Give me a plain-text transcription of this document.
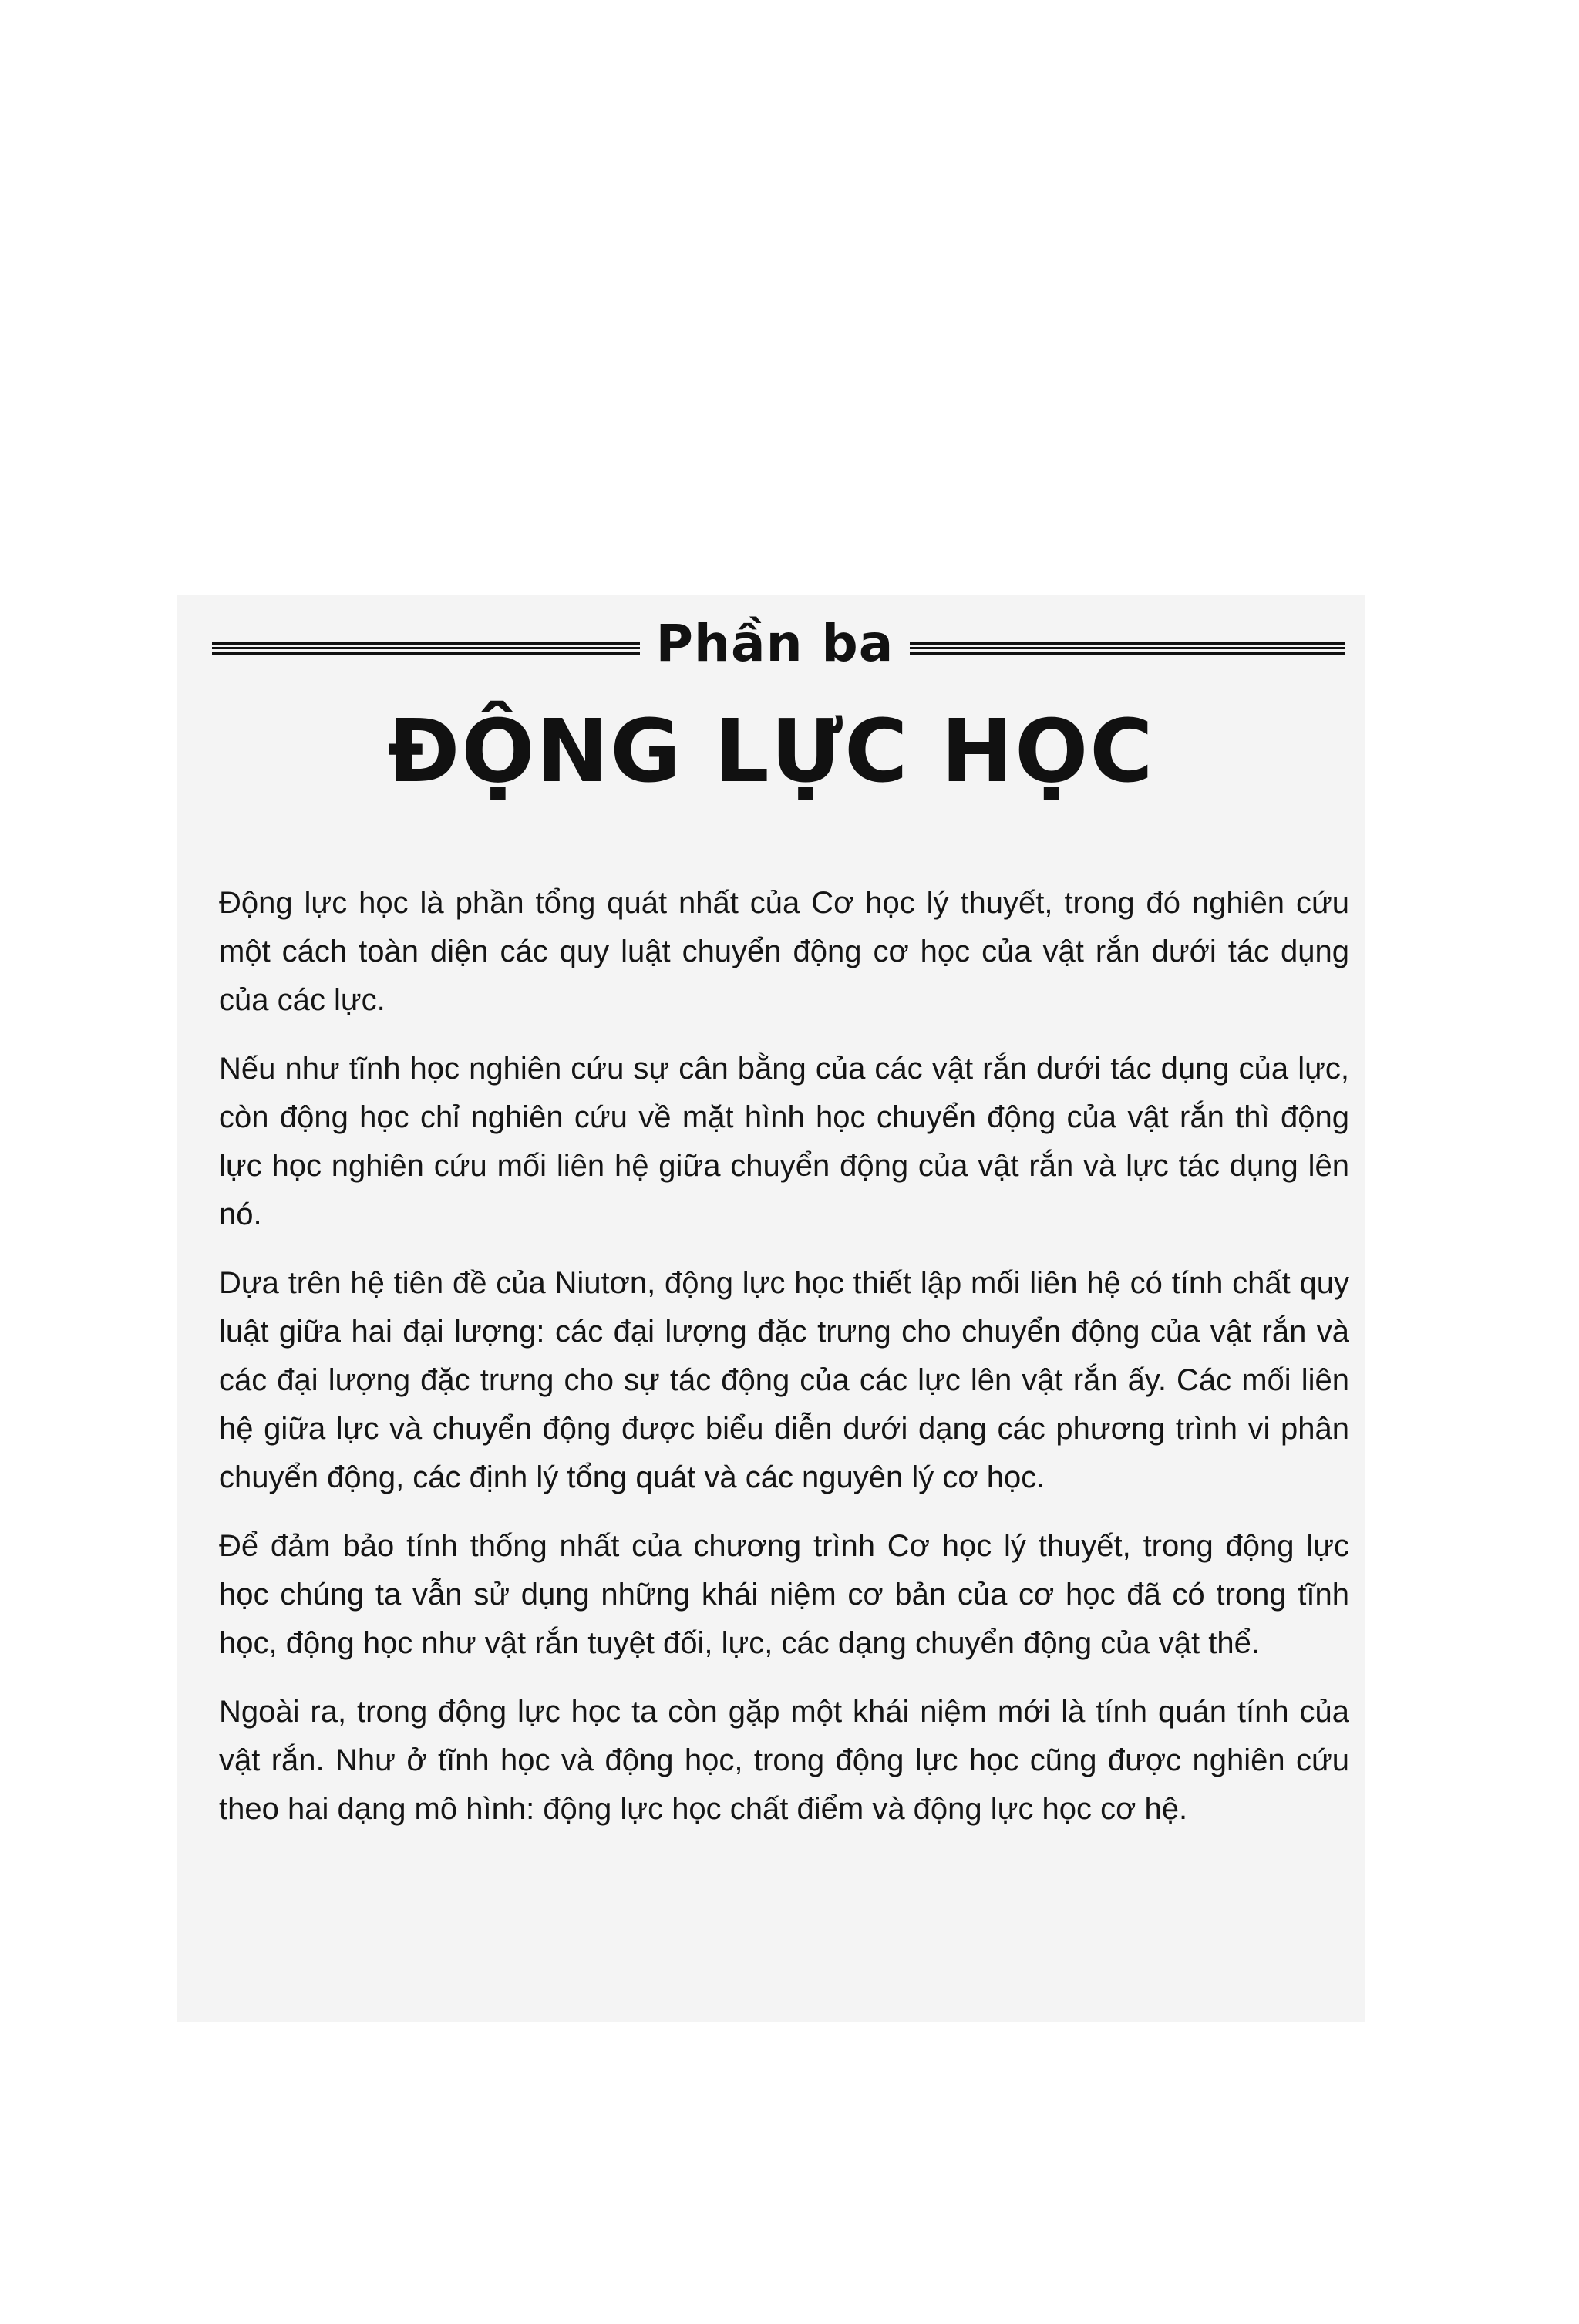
Phần ba
ĐỘNG LỰC HỌC

Động lực học là phần tổng quát nhất của Cơ học lý thuyết, trong đó nghiên cứu một cách toàn diện các quy luật chuyển động cơ học của vật rắn dưới tác dụng của các lực.

Nếu như tĩnh học nghiên cứu sự cân bằng của các vật rắn dưới tác dụng của lực, còn động học chỉ nghiên cứu về mặt hình học chuyển động của vật rắn thì động lực học nghiên cứu mối liên hệ giữa chuyển động của vật rắn và lực tác dụng lên nó.

Dựa trên hệ tiên đề của Niutơn, động lực học thiết lập mối liên hệ có tính chất quy luật giữa hai đại lượng: các đại lượng đặc trưng cho chuyển động của vật rắn và các đại lượng đặc trưng cho sự tác động của các lực lên vật rắn ấy. Các mối liên hệ giữa lực và chuyển động được biểu diễn dưới dạng các phương trình vi phân chuyển động, các định lý tổng quát và các nguyên lý cơ học.

Để đảm bảo tính thống nhất của chương trình Cơ học lý thuyết, trong động lực học chúng ta vẫn sử dụng những khái niệm cơ bản của cơ học đã có trong tĩnh học, động học như vật rắn tuyệt đối, lực, các dạng chuyển động của vật thể.

Ngoài ra, trong động lực học ta còn gặp một khái niệm mới là tính quán tính của vật rắn. Như ở tĩnh học và động học, trong động lực học cũng được nghiên cứu theo hai dạng mô hình: động lực học chất điểm và động lực học cơ hệ.
